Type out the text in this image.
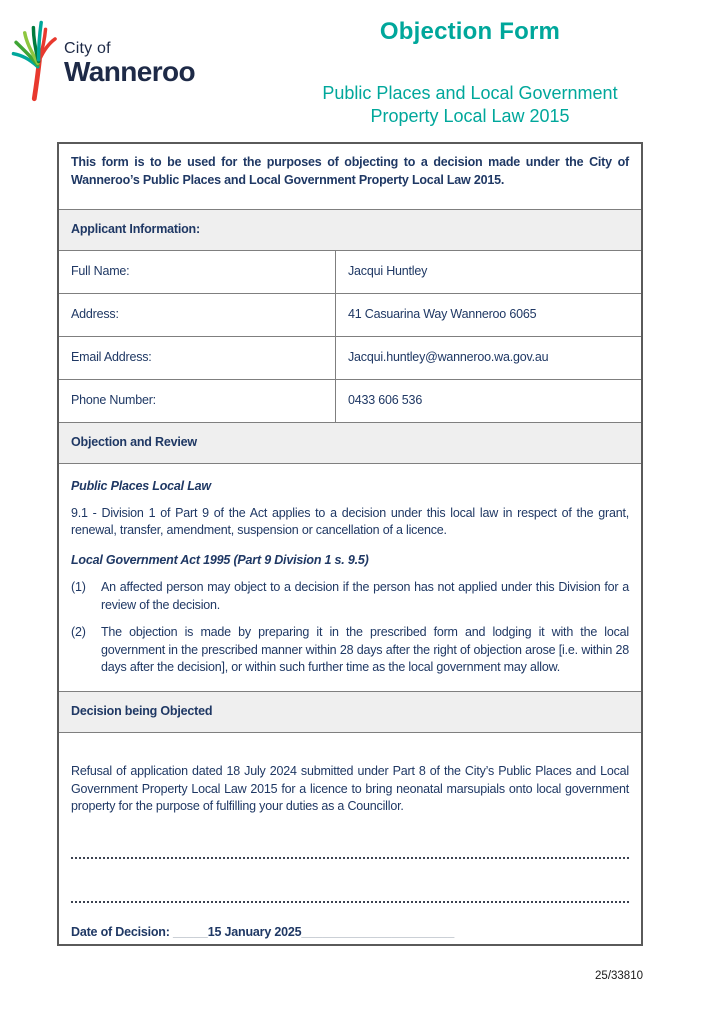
City of
Wanneroo
Objection Form
Public Places and Local Government
Property Local Law 2015

This form is to be used for the purposes of objecting to a decision made under the City of Wanneroo’s Public Places and Local Government Property Local Law 2015.

Applicant Information:
Full Name:	Jacqui Huntley
Address:	41 Casuarina Way Wanneroo 6065
Email Address:	Jacqui.huntley@wanneroo.wa.gov.au
Phone Number:	0433 606 536
Objection and Review
Public Places Local Law

9.1 - Division 1 of Part 9 of the Act applies to a decision under this local law in respect of the grant, renewal, transfer, amendment, suspension or cancellation of a licence.

Local Government Act 1995 (Part 9 Division 1 s. 9.5)
(1)	An affected person may object to a decision if the person has not applied under this Division for a review of the decision.
(2)	The objection is made by preparing it in the prescribed form and lodging it with the local government in the prescribed manner within 28 days after the right of objection arose [i.e. within 28 days after the decision], or within such further time as the local government may allow.
Decision being Objected

Refusal of application dated 18 July 2024 submitted under Part 8 of the City’s Public Places and Local Government Property Local Law 2015 for a licence to bring neonatal marsupials onto local government property for the purpose of fulfilling your duties as a Councillor.

Date of Decision: _____15 January 2025______________________
25/33810
